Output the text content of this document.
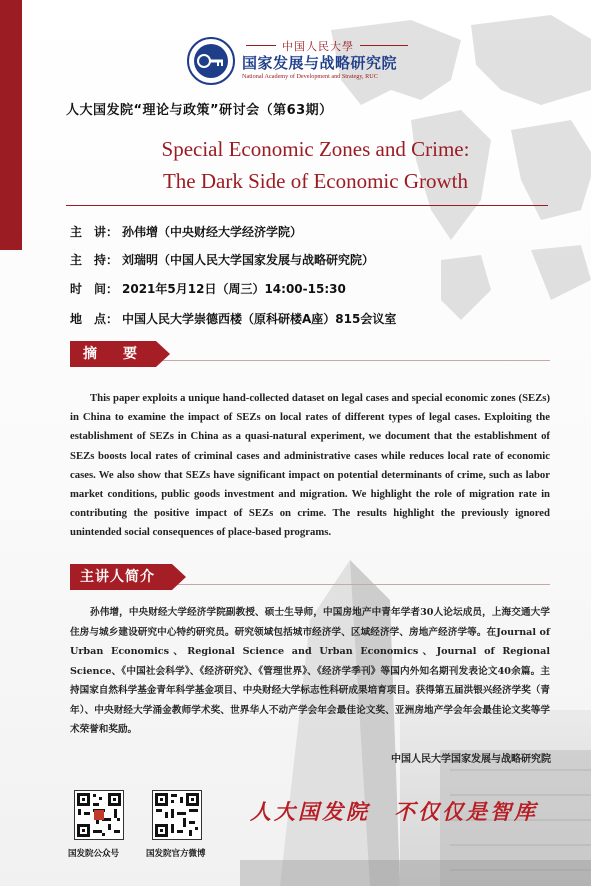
中国人民大學
国家发展与战略研究院
National Academy of Development and Strategy, RUC
人大国发院“理论与政策”研讨会（第63期）
Special Economic Zones and Crime:
The Dark Side of Economic Growth
主　讲： 孙伟增（中央财经大学经济学院）
主　持： 刘瑞明（中国人民大学国家发展与战略研究院）
时　间： 2021年5月12日（周三）14:00-15:30
地　点： 中国人民大学崇德西楼（原科研楼A座）815会议室
摘　要
This paper exploits a unique hand-collected dataset on legal cases and special economic zones (SEZs) in China to examine the impact of SEZs on local rates of different types of legal cases. Exploiting the establishment of SEZs in China as a quasi-natural experiment, we document that the establishment of SEZs boosts local rates of criminal cases and administrative cases while reduces local rate of economic cases. We also show that SEZs have significant impact on potential determinants of crime, such as labor market conditions, public goods investment and migration. We highlight the role of migration rate in contributing the positive impact of SEZs on crime. The results highlight the previously ignored unintended social consequences of place-based programs.
主讲人简介
孙伟增，中央财经大学经济学院副教授、硕士生导师，中国房地产中青年学者30人论坛成员，上海交通大学住房与城乡建设研究中心特约研究员。研究领域包括城市经济学、区域经济学、房地产经济学等。在Journal of Urban Economics、Regional Science and Urban Economics、Journal of Regional Science、《中国社会科学》、《经济研究》、《管理世界》、《经济学季刊》等国内外知名期刊发表论文40余篇。主持国家自然科学基金青年科学基金项目、中央财经大学标志性科研成果培育项目。获得第五届洪银兴经济学奖（青年）、中央财经大学涌金教师学术奖、世界华人不动产学会年会最佳论文奖、亚洲房地产学会年会最佳论文奖等学术荣誉和奖励。
中国人民大学国家发展与战略研究院
国发院公众号	国发院官方微博
人大国发院　不仅仅是智库
